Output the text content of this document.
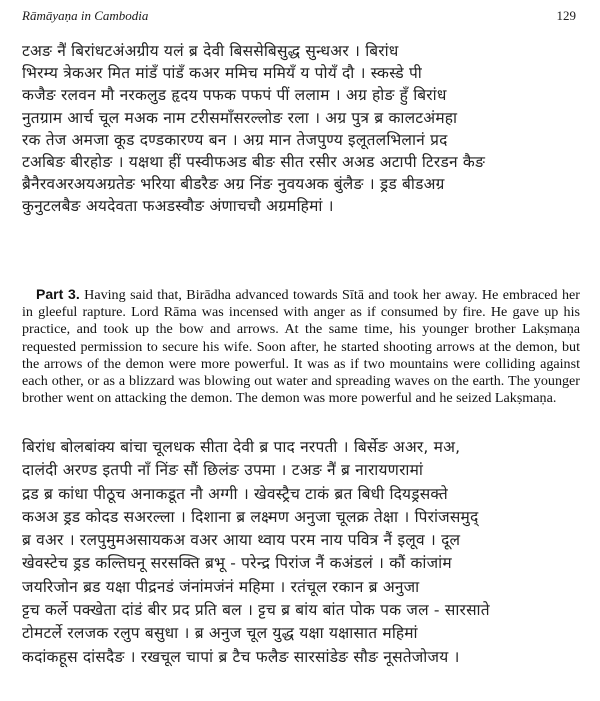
Rāmāyaṇa in Cambodia	129
टअङ नै॑ बिरांधटअंअग्रीय यलं ब्र देवी बिससेबिसुद्ध सुन्धअर । बिरांध
भिरम्य त्रेकअर मित मांडँ पांडँ कअर ममिच ममियँ य पोयँ दौ । स्कस्डे पी
कजैङ रलवन मौ नरकलुड हृदय पफक पफपं पीं ललाम । अग्र होङ हुँ बिरांध
नुतग्राम आर्च चूल मअक नाम टरीसमाँसरल्लोङ रला । अग्र पुत्र ब्र कालटअंमहा
रक तेज अमजा कूड दण्डकारण्य बन । अग्र मान तेजपुण्य इलूतलभिलानं प्रद
टअबिङ बीरहोङ । यक्षथा हीं पस्वीफअड बीङ सीत रसीर अअड अटापी टिरडन कैङ
ब्रैनैरवअरअयअग्रतेङ भरिया बीडरैङ अग्र निंङ नुवयअक बुंलैङ । ड्रड बीडअग्र
कुनुटलबैङ अयदेवता फअडस्वौङ अंणाचचौ अग्रमहिमां ।
Part 3. Having said that, Birādha advanced towards Sītā and took her away. He embraced her in gleeful rapture. Lord Rāma was incensed with anger as if consumed by fire. He gave up his practice, and took up the bow and arrows. At the same time, his younger brother Lakṣmaṇa requested permission to secure his wife. Soon after, he started shooting arrows at the demon, but the arrows of the demon were more powerful. It was as if two mountains were colliding against each other, or as a blizzard was blowing out water and spreading waves on the earth. The younger brother went on attacking the demon. The demon was more powerful and he seized Lakṣmaṇa.
बिरांध बोलबांक्य बांचा चूलधक सीता देवी ब्र पाद नरपती । बिर्सेङ अअर, मअ,
दालंदी अरण्ड इतपी नाँ निंङ सौं छिलंङ उपमा । टअङ नै॑ ब्र नारायणरामां
द्रड ब्र कांधा पीठूच अनाकडूत नौ अग्गी । खेवस्ट्रैच टाकं ब्रत बिधी दियड्रसक्ते
कअअ ड्रड कोदड सअरल्ला । दिशाना ब्र लक्ष्मण अनुजा चूलक्र तेक्षा । पिरांजसमुद्
ब्र वअर । रलपुमुमअसायकअ वअर आया थ्वाय परम नाय पवित्र नैं इलूव । दूल
खेवस्टेच ड्रड कल्तिघनू सरसक्ति ब्रभू - परेन्द्र पिरांज नैं कअंडलं । कौं कांजांम
जयरिजोन ब्रड यक्षा पीद्रनडं जंनांमजंनं महिमा । रतंचूल रकान ब्र अनुजा
ट्टच कर्ले पक्खेता दांडं बीर प्रद प्रति बल । ट्टच ब्र बांय बांत पोक पक जल - सारसाते
टोमटर्ले रलजक रलुप बसुधा । ब्र अनुज चूल युद्ध यक्षा यक्षासात महिमां
कदांकहूस दांसदैङ । रखचूल चापां ब्र टैच फलैङ सारसांडेङ सौङ नूसतेजोजय ।
